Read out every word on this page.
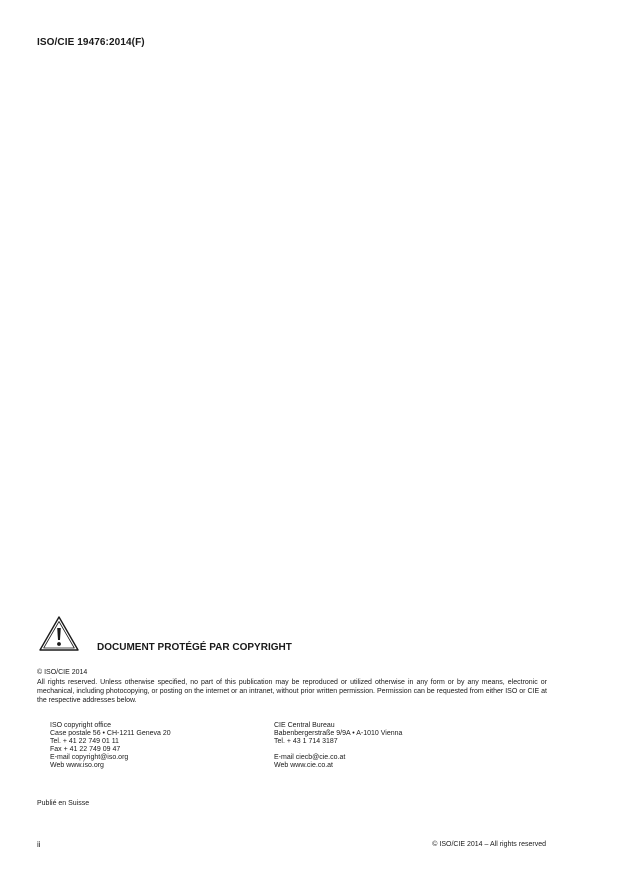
ISO/CIE 19476:2014(F)
DOCUMENT PROTÉGÉ PAR COPYRIGHT
© ISO/CIE 2014
All rights reserved. Unless otherwise specified, no part of this publication may be reproduced or utilized otherwise in any form or by any means, electronic or mechanical, including photocopying, or posting on the internet or an intranet, without prior written permission. Permission can be requested from either ISO or CIE at the respective addresses below.
ISO copyright office
Case postale 56 • CH-1211 Geneva 20
Tel. + 41 22 749 01 11
Fax + 41 22 749 09 47
E-mail copyright@iso.org
Web www.iso.org
CIE Central Bureau
Babenbergerstraße 9/9A • A-1010 Vienna
Tel. + 43 1 714 3187
E-mail ciecb@cie.co.at
Web www.cie.co.at
Publié en Suisse
ii	© ISO/CIE 2014 – All rights reserved
